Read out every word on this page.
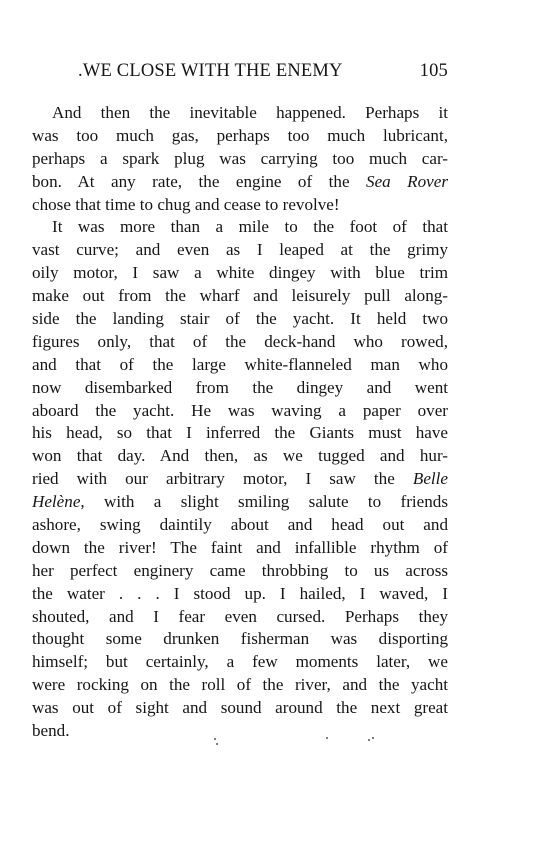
.WE CLOSE WITH THE ENEMY	105
And then the inevitable happened. Perhaps it
was too much gas, perhaps too much lubricant,
perhaps a spark plug was carrying too much car-
bon. At any rate, the engine of the Sea Rover
chose that time to chug and cease to revolve!
It was more than a mile to the foot of that
vast curve; and even as I leaped at the grimy
oily motor, I saw a white dingey with blue trim
make out from the wharf and leisurely pull along-
side the landing stair of the yacht. It held two
figures only, that of the deck-hand who rowed,
and that of the large white-flanneled man who
now disembarked from the dingey and went
aboard the yacht. He was waving a paper over
his head, so that I inferred the Giants must have
won that day. And then, as we tugged and hur-
ried with our arbitrary motor, I saw the Belle
Helène, with a slight smiling salute to friends
ashore, swing daintily about and head out and
down the river! The faint and infallible rhythm of
her perfect enginery came throbbing to us across
the water . . . I stood up. I hailed, I waved, I
shouted, and I fear even cursed. Perhaps they
thought some drunken fisherman was disporting
himself; but certainly, a few moments later, we
were rocking on the roll of the river, and the yacht
was out of sight and sound around the next great
bend.
